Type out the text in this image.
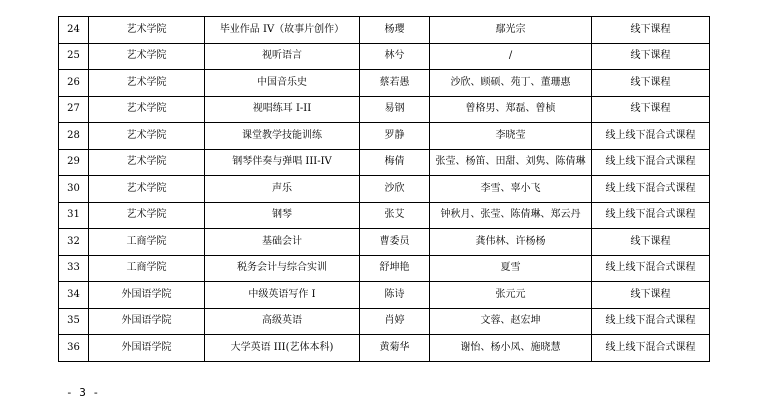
24	艺术学院	毕业作品 IV（故事片创作）	杨璎	鄢光宗	线下课程
25	艺术学院	视听语言	林兮	/	线下课程
26	艺术学院	中国音乐史	蔡若愚	沙欣、顾硕、苑丁、董珊惠	线下课程
27	艺术学院	视唱练耳 I-II	易钢	曾格男、郑磊、曾桢	线下课程
28	艺术学院	课堂教学技能训练	罗静	李晓莹	线上线下混合式课程
29	艺术学院	钢琴伴奏与弹唱 III-IV	梅倩	张莹、杨笛、田甜、刘隽、陈倩琳	线上线下混合式课程
30	艺术学院	声乐	沙欣	李雪、辜小飞	线上线下混合式课程
31	艺术学院	钢琴	张艾	钟秋月、张莹、陈倩琳、郑云丹	线上线下混合式课程
32	工商学院	基础会计	曹委员	龚伟林、许杨杨	线下课程
33	工商学院	税务会计与综合实训	舒坤艳	夏雪	线上线下混合式课程
34	外国语学院	中级英语写作 I	陈诗	张元元	线下课程
35	外国语学院	高级英语	肖婷	文蓉、赵宏坤	线上线下混合式课程
36	外国语学院	大学英语 III(艺体本科)	黄菊华	谢怡、杨小凤、施晓慧	线上线下混合式课程
- 3 -
